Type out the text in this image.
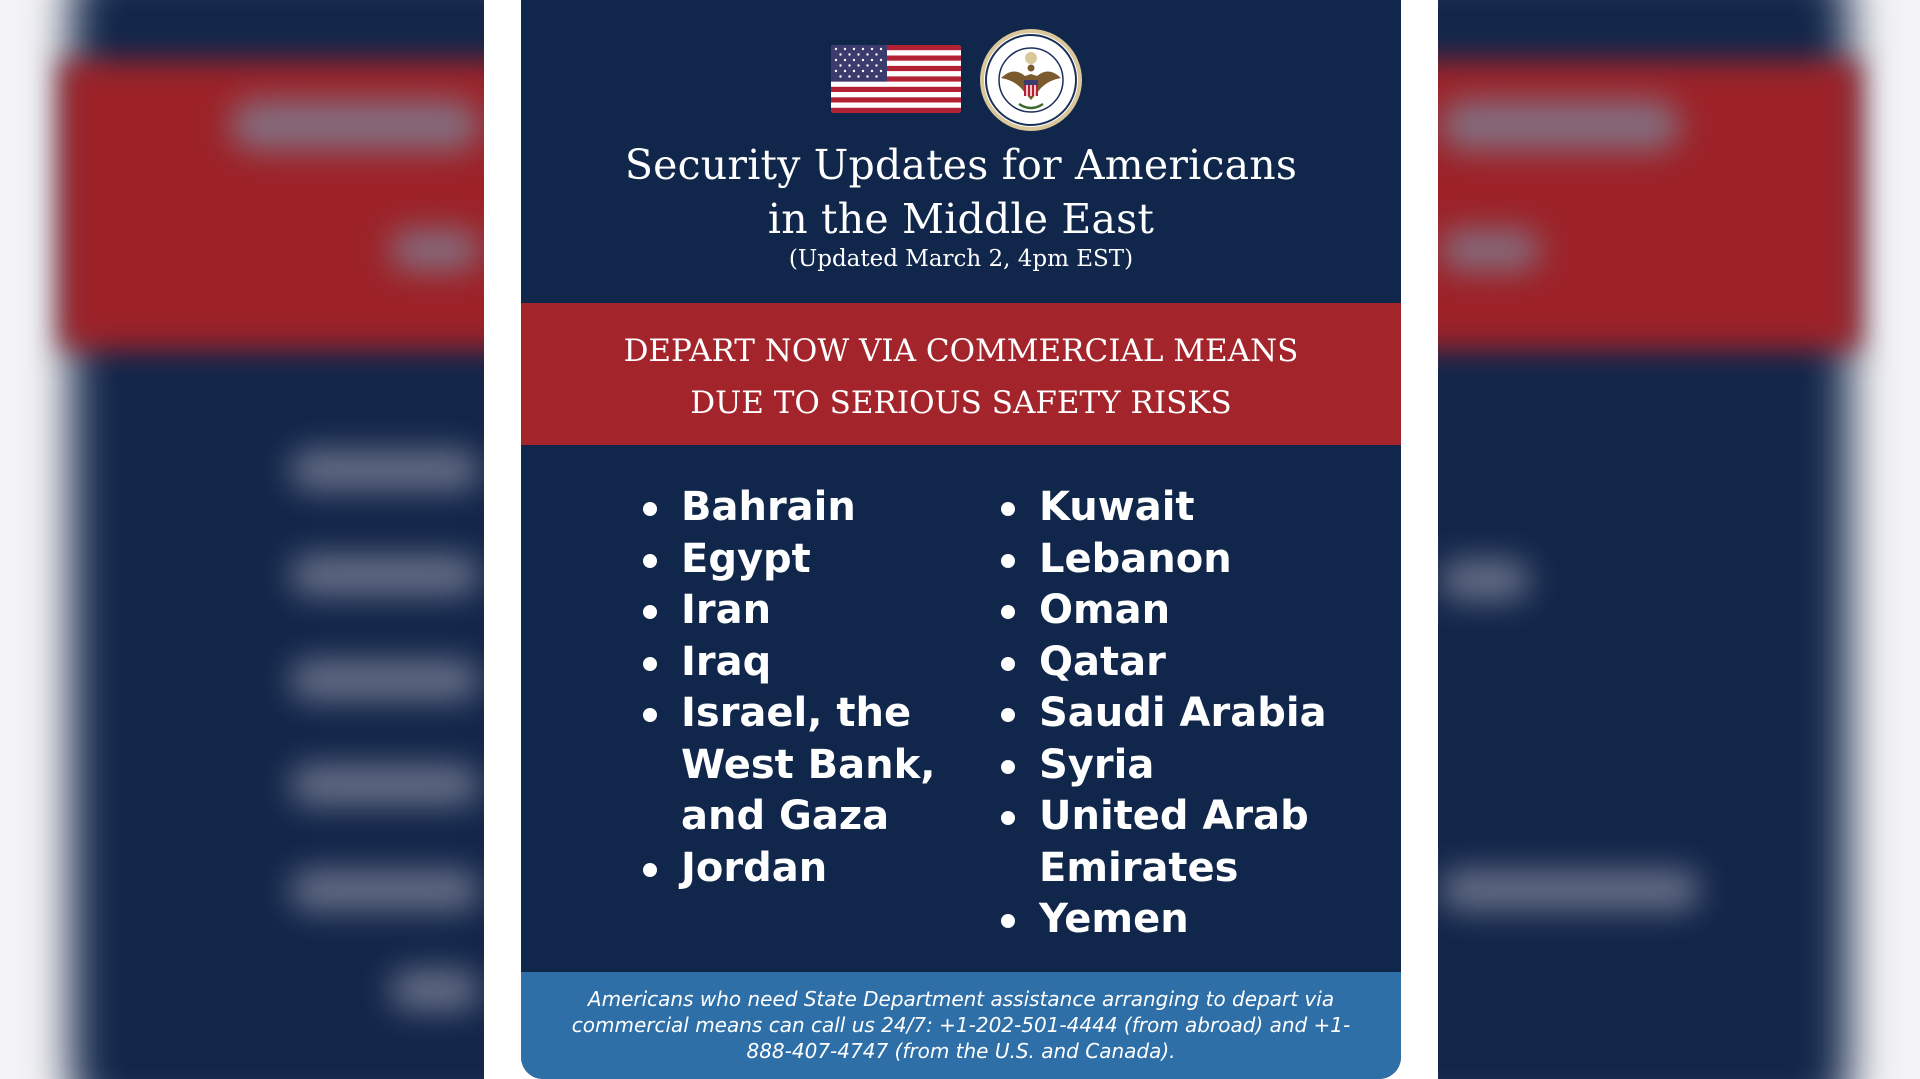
Security Updates for Americans
in the Middle East
(Updated March 2, 4pm EST)
DEPART NOW VIA COMMERCIAL MEANS
DUE TO SERIOUS SAFETY RISKS
Bahrain
Egypt
Iran
Iraq
Israel, the
West Bank,
and Gaza
Jordan
Kuwait
Lebanon
Oman
Qatar
Saudi Arabia
Syria
United Arab
Emirates
Yemen
Americans who need State Department assistance arranging to depart via
commercial means can call us 24/7: +1-202-501-4444 (from abroad) and +1-
888-407-4747 (from the U.S. and Canada).
